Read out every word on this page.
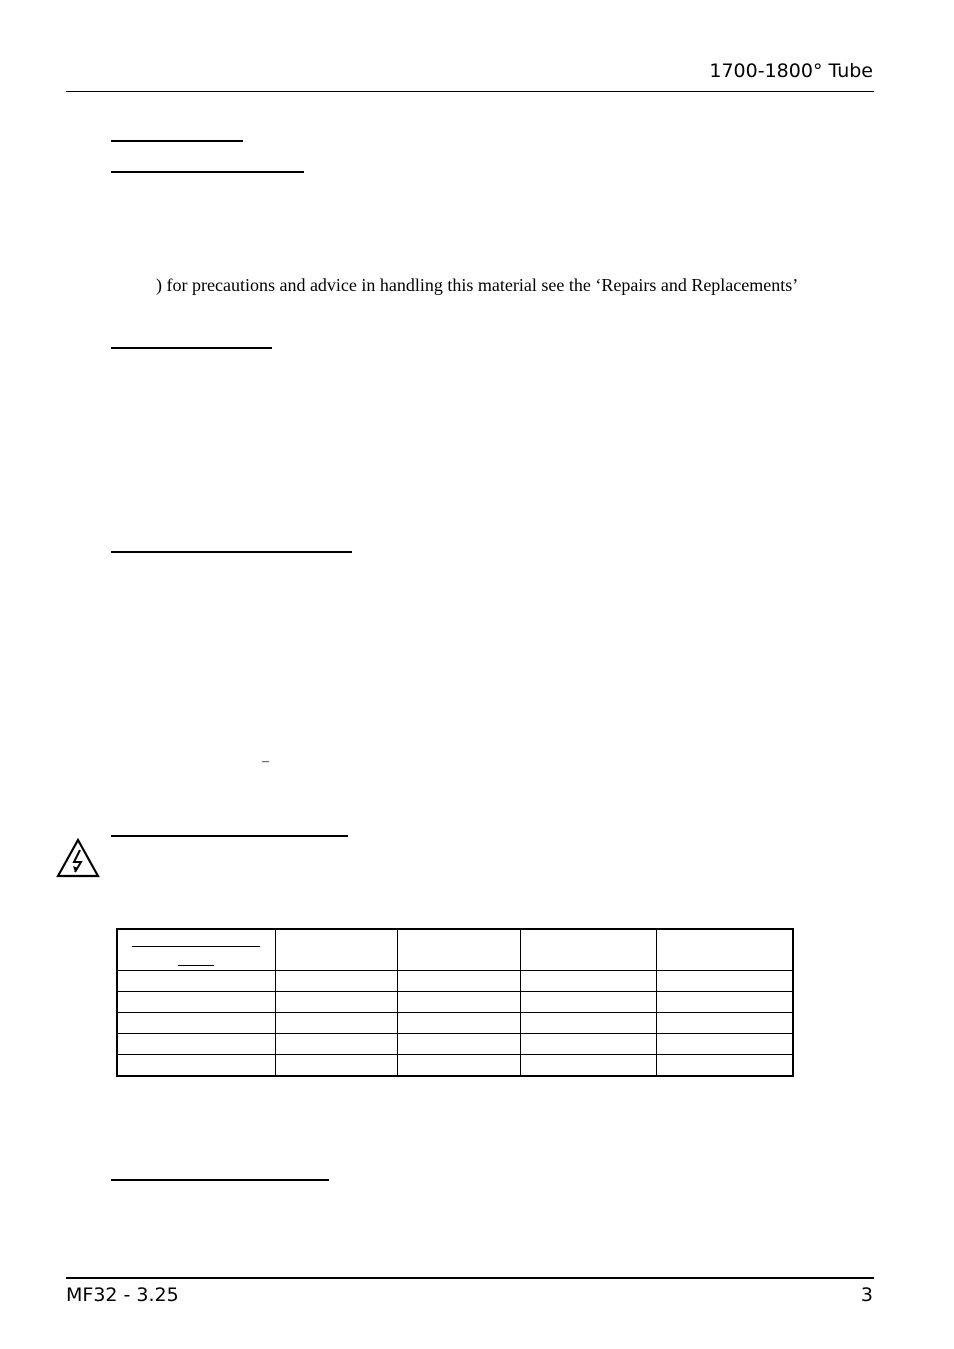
1700-1800° Tube
) for precautions and advice in handling this material see the ‘Repairs and Replacements’
–

MF32 - 3.25	3
